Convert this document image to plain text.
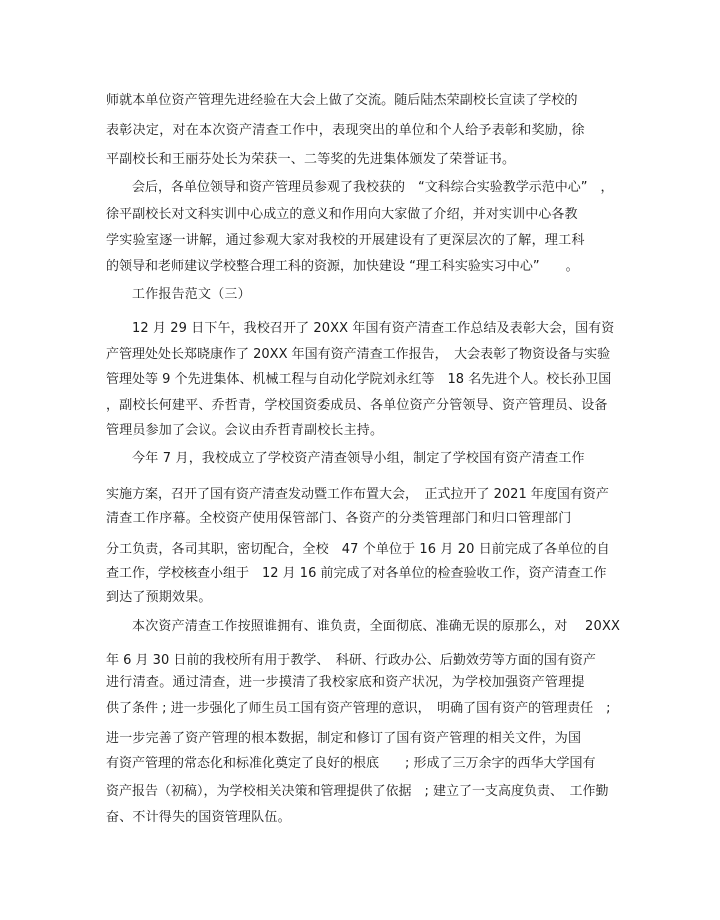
师就本单位资产管理先进经验在大会上做了交流。随后陆杰荣副校长宣读了学校的
表彰决定，对在本次资产清查工作中，表现突出的单位和个人给予表彰和奖励，徐
平副校长和王丽芬处长为荣获一、二等奖的先进集体颁发了荣誉证书。
会后，各单位领导和资产管理员参观了我校获的　“文科综合实验教学示范中心”　，
徐平副校长对文科实训中心成立的意义和作用向大家做了介绍，并对实训中心各教
学实验室逐一讲解，通过参观大家对我校的开展建设有了更深层次的了解，理工科
的领导和老师建议学校整合理工科的资源，加快建设 “理工科实验实习中心”　　。
工作报告范文（三）
12 月 29 日下午，我校召开了 20XX 年国有资产清查工作总结及表彰大会，国有资
产管理处处长郑晓康作了 20XX 年国有资产清查工作报告，　大会表彰了物资设备与实验
管理处等 9 个先进集体、机械工程与自动化学院刘永红等　18 名先进个人。校长孙卫国
，副校长何建平、乔哲青，学校国资委成员、各单位资产分管领导、资产管理员、设备
管理员参加了会议。会议由乔哲青副校长主持。
今年 7 月，我校成立了学校资产清查领导小组，制定了学校国有资产清查工作
实施方案，召开了国有资产清查发动暨工作布置大会，　正式拉开了 2021 年度国有资产
清查工作序幕。全校资产使用保管部门、各资产的分类管理部门和归口管理部门
分工负责，各司其职，密切配合，全校　47 个单位于 16 月 20 日前完成了各单位的自
查工作，学校核查小组于　12 月 16 前完成了对各单位的检查验收工作，资产清查工作
到达了预期效果。
本次资产清查工作按照谁拥有、谁负责，全面彻底、准确无误的原那么，对 20XX
年 6 月 30 日前的我校所有用于教学、　科研、行政办公、后勤效劳等方面的国有资产
进行清查。通过清查，进一步摸清了我校家底和资产状况，为学校加强资产管理提
供了条件 ; 进一步强化了师生员工国有资产管理的意识，　明确了国有资产的管理责任　;
进一步完善了资产管理的根本数据，制定和修订了国有资产管理的相关文件，为国
有资产管理的常态化和标准化奠定了良好的根底　　; 形成了三万余字的西华大学国有
资产报告（初稿），为学校相关决策和管理提供了依据　; 建立了一支高度负责、　工作勤
奋、不计得失的国资管理队伍。
